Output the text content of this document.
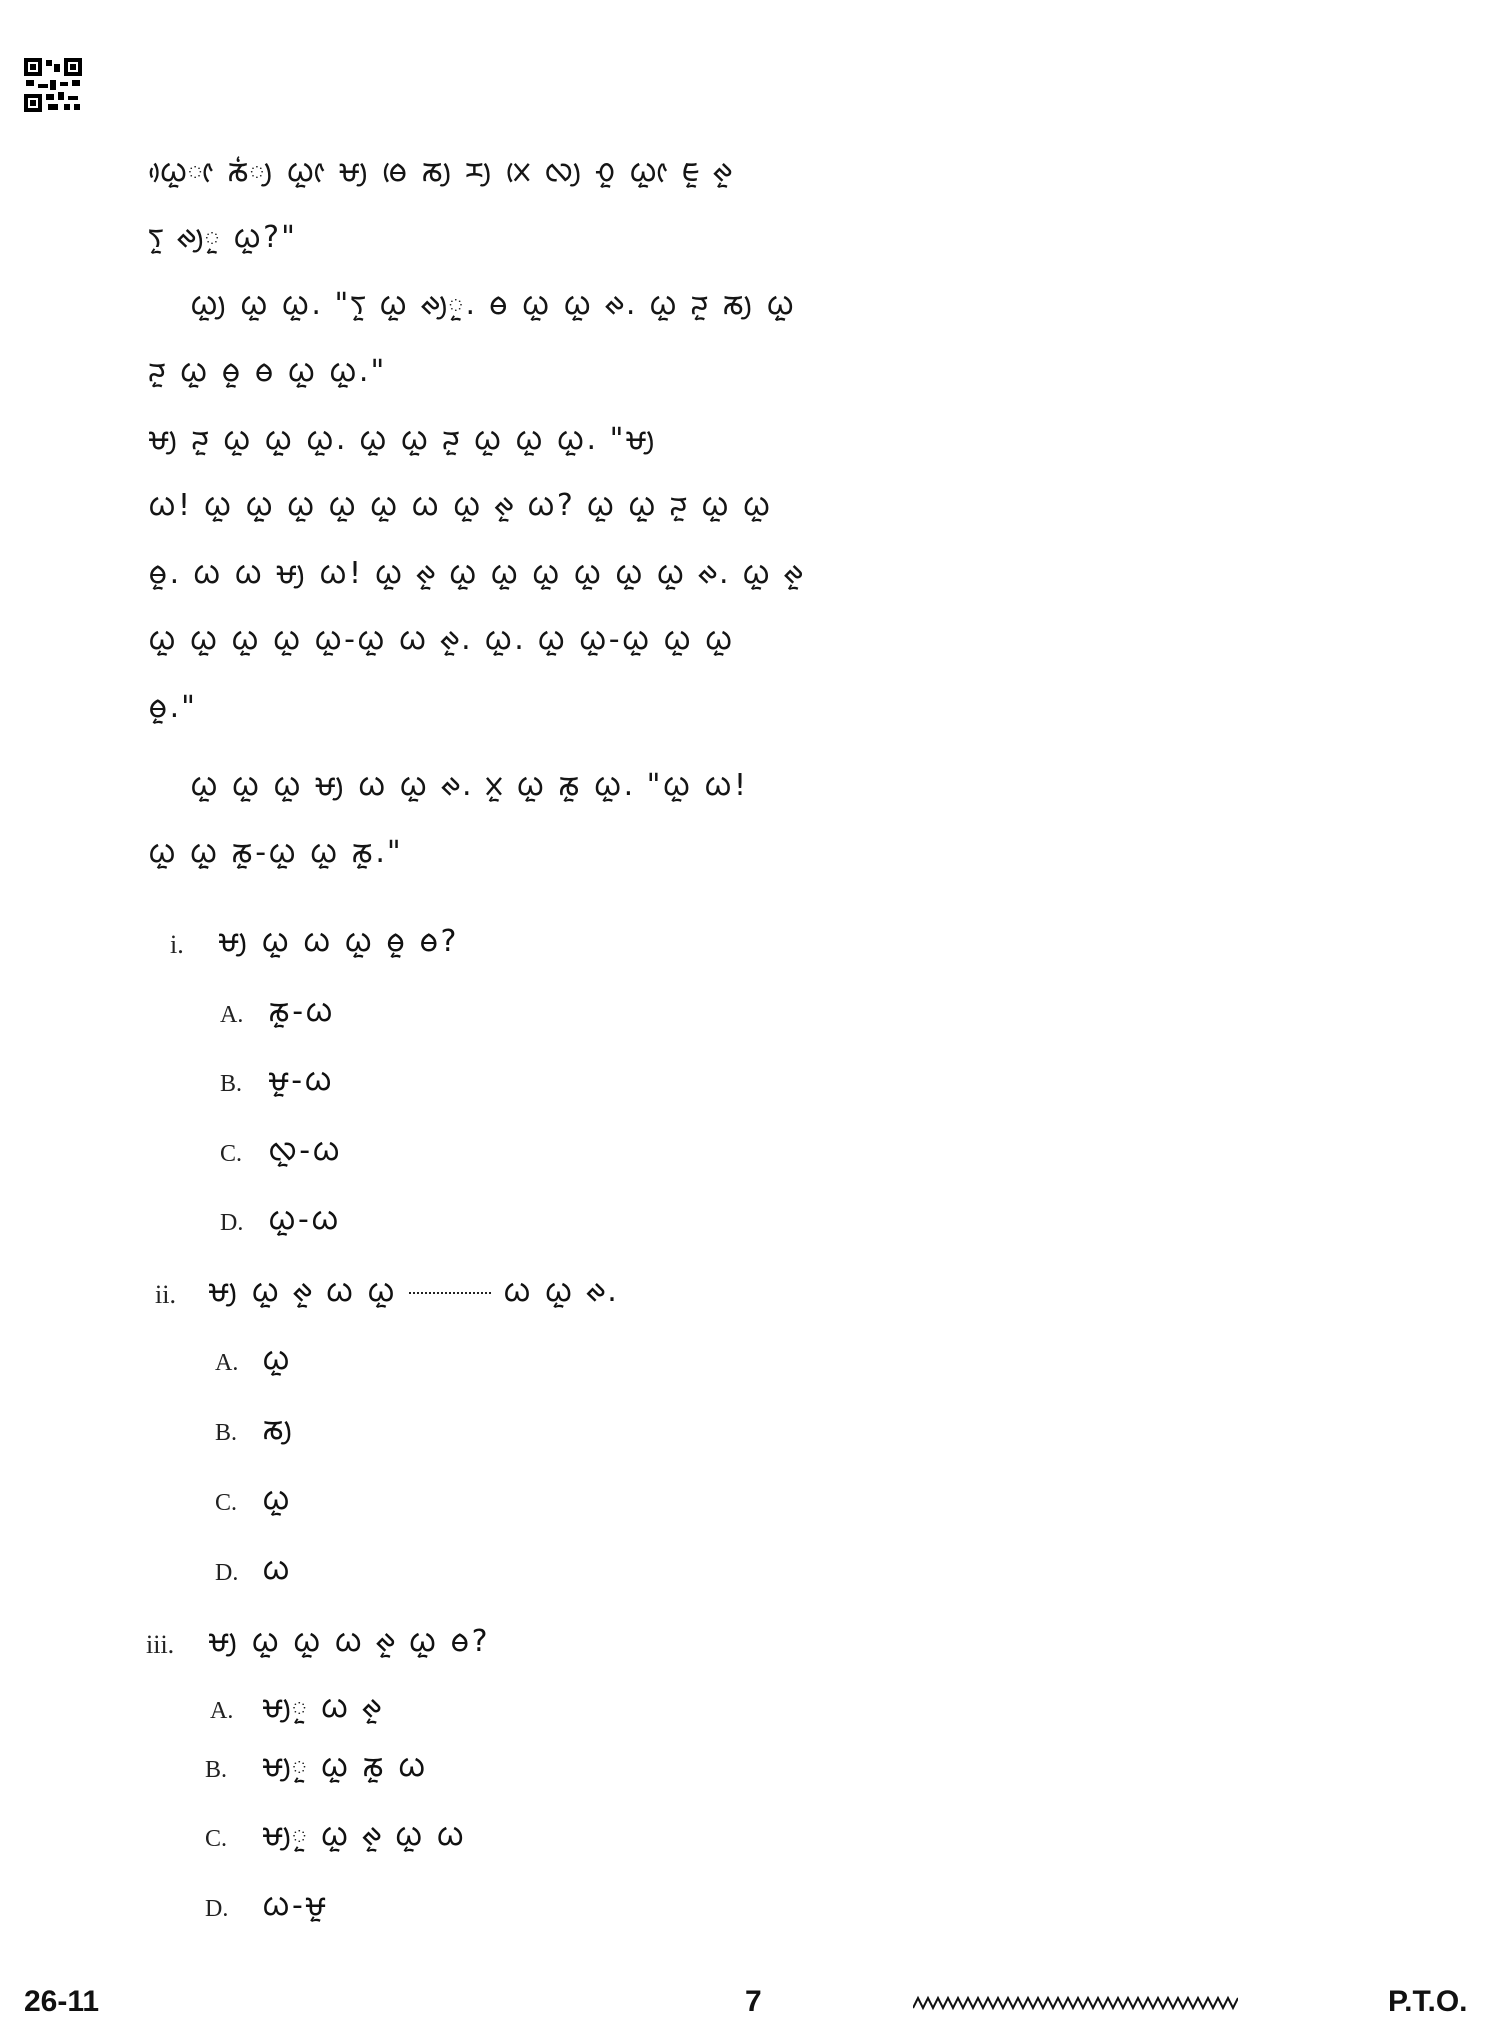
ᰃᰬᰴᰦ ᰕᰭᰪ ᰃᰬᰦ ᰝᰪ ᰟᰨ ᰕᰪ ᰌᰪ ᰞᰨ ᰜᰪ ᰆᰬ ᰃᰬᰦ ᰀᰬ ᰊᰬ
ᰛᰬ ᰊᰪᰬ ᰃᰬ?"
ᰃᰬᰪ ᰃᰬ ᰃᰬ. "ᰛᰬ ᰃᰬ ᰊᰪᰬ. ᰟ ᰃᰬ ᰃᰬ ᰊ. ᰃᰬ ᰎᰬ ᰕᰪ ᰃᰬᰬ
ᰎᰬ ᰃᰬ ᰟᰬ ᰟ ᰃᰬ ᰃᰬ."
ᰝᰪ ᰎᰬ ᰃᰬ ᰃᰬᰬ ᰃᰬ. ᰃᰬ ᰃᰬ ᰎᰬ ᰃᰬ ᰃᰬ ᰃᰬ. "ᰝᰪ
ᰃ! ᰃᰬ ᰃᰬᰬ ᰃᰬ ᰃᰬ ᰃᰬ ᰃ ᰃᰬ ᰊᰬ ᰃ? ᰃᰬ ᰃᰬᰬ ᰎᰬ ᰃᰬ ᰃᰬ
ᰟᰬ. ᰃ ᰃ ᰝᰪ ᰃ! ᰃᰬ ᰊᰬ ᰃᰬ ᰃᰬ ᰃᰬ ᰃᰬ ᰃᰬ ᰃᰬ ᰊ. ᰃᰬ ᰊᰬ
ᰃᰬ ᰃᰬ ᰃᰬ ᰃᰬ ᰃᰬ-ᰃᰬ ᰃ ᰊᰬ. ᰃᰬ. ᰃᰬ ᰃᰬ-ᰃᰬ ᰃᰬ ᰃᰬ
ᰟᰬ."
ᰃᰬ ᰃᰬ ᰃᰬ ᰝᰪ ᰃ ᰃᰬ ᰊ. ᰞᰬ ᰃᰬ ᰕᰬ ᰃᰬ. "ᰃᰬ ᰃ!
ᰃᰬ ᰃᰬᰬ ᰕᰬ-ᰃᰬ ᰃᰬ ᰕᰬ."
i. ᰝᰪ ᰃᰬ ᰃ ᰃᰬ ᰟᰬ ᰟ?
A. ᰕᰬ-ᰃ
B. ᰝᰬ-ᰃ
C. ᰜᰬ-ᰃ
D. ᰃᰬ-ᰃ
ii. ᰝᰪ ᰃᰬ ᰊᰬ ᰃ ᰃᰬ	ᰃ ᰃᰬ ᰊ.
A. ᰃᰬ
B. ᰕᰪ
C. ᰃᰬ
D. ᰃ
iii. ᰝᰪ ᰃᰬ ᰃᰬ ᰃ ᰊᰬ ᰃᰬ ᰟ?
A. ᰝᰪᰬ ᰃ ᰊᰬ
B. ᰝᰪᰬ ᰃᰬ ᰕᰬ ᰃ
C. ᰝᰪᰬ ᰃᰬ ᰊᰬ ᰃᰬ ᰃ
D. ᰃ-ᰝᰬ
26-11	7	P.T.O.
